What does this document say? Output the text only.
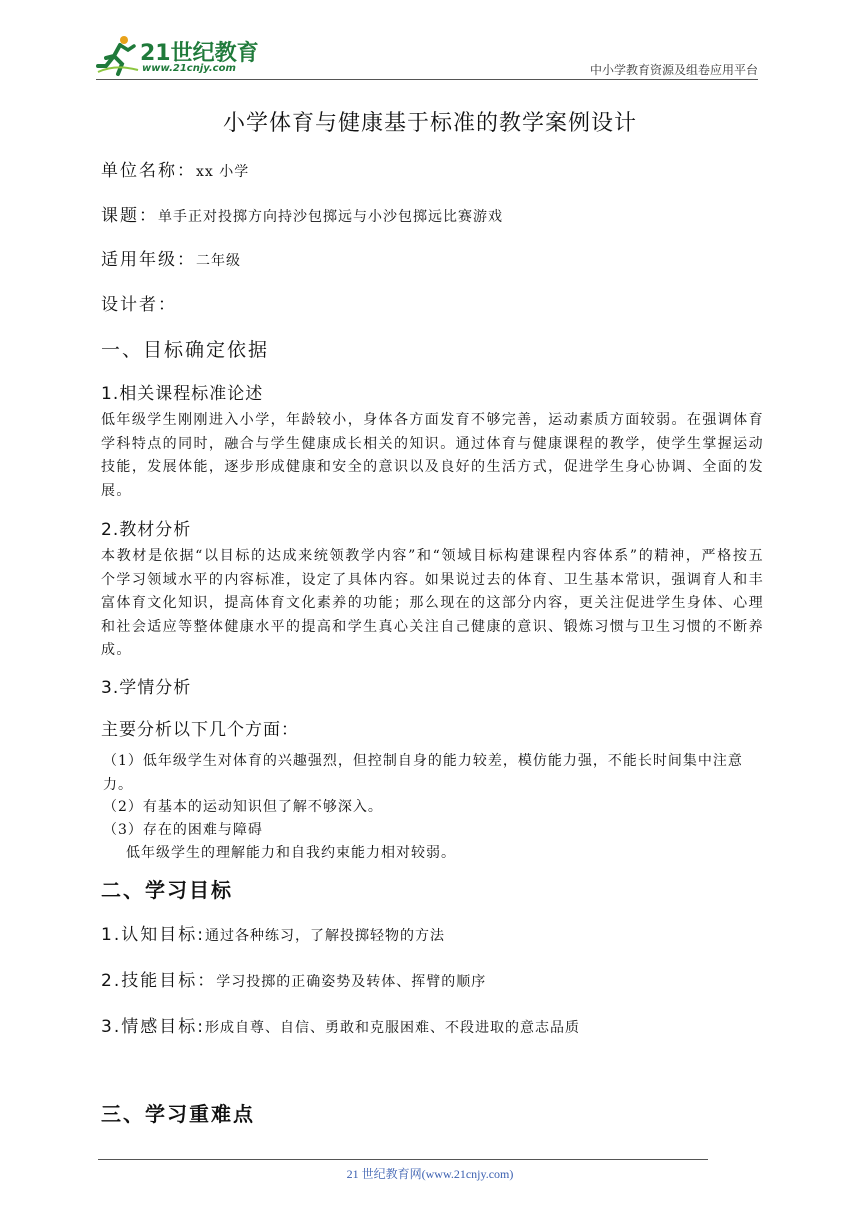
21世纪教育
www.21cnjy.com	中小学教育资源及组卷应用平台
小学体育与健康基于标准的教学案例设计
单位名称：xx 小学
课题：单手正对投掷方向持沙包掷远与小沙包掷远比赛游戏
适用年级：二年级
设计者：
一、目标确定依据
1.相关课程标准论述
低年级学生刚刚进入小学，年龄较小，身体各方面发育不够完善，运动素质方面较弱。在强调体育学科特点的同时，融合与学生健康成长相关的知识。通过体育与健康课程的教学，使学生掌握运动技能，发展体能，逐步形成健康和安全的意识以及良好的生活方式，促进学生身心协调、全面的发展。
2.教材分析
本教材是依据“以目标的达成来统领教学内容”和“领域目标构建课程内容体系”的精神，严格按五个学习领域水平的内容标准，设定了具体内容。如果说过去的体育、卫生基本常识，强调育人和丰富体育文化知识，提高体育文化素养的功能；那么现在的这部分内容，更关注促进学生身体、心理和社会适应等整体健康水平的提高和学生真心关注自己健康的意识、锻炼习惯与卫生习惯的不断养成。
3.学情分析
主要分析以下几个方面：
（1）低年级学生对体育的兴趣强烈，但控制自身的能力较差，模仿能力强，不能长时间集中注意力。
（2）有基本的运动知识但了解不够深入。
（3）存在的困难与障碍
低年级学生的理解能力和自我约束能力相对较弱。
二、学习目标
1.认知目标:通过各种练习，了解投掷轻物的方法
2.技能目标：学习投掷的正确姿势及转体、挥臂的顺序
3.情感目标:形成自尊、自信、勇敢和克服困难、不段进取的意志品质
三、学习重难点
21 世纪教育网(www.21cnjy.com)
